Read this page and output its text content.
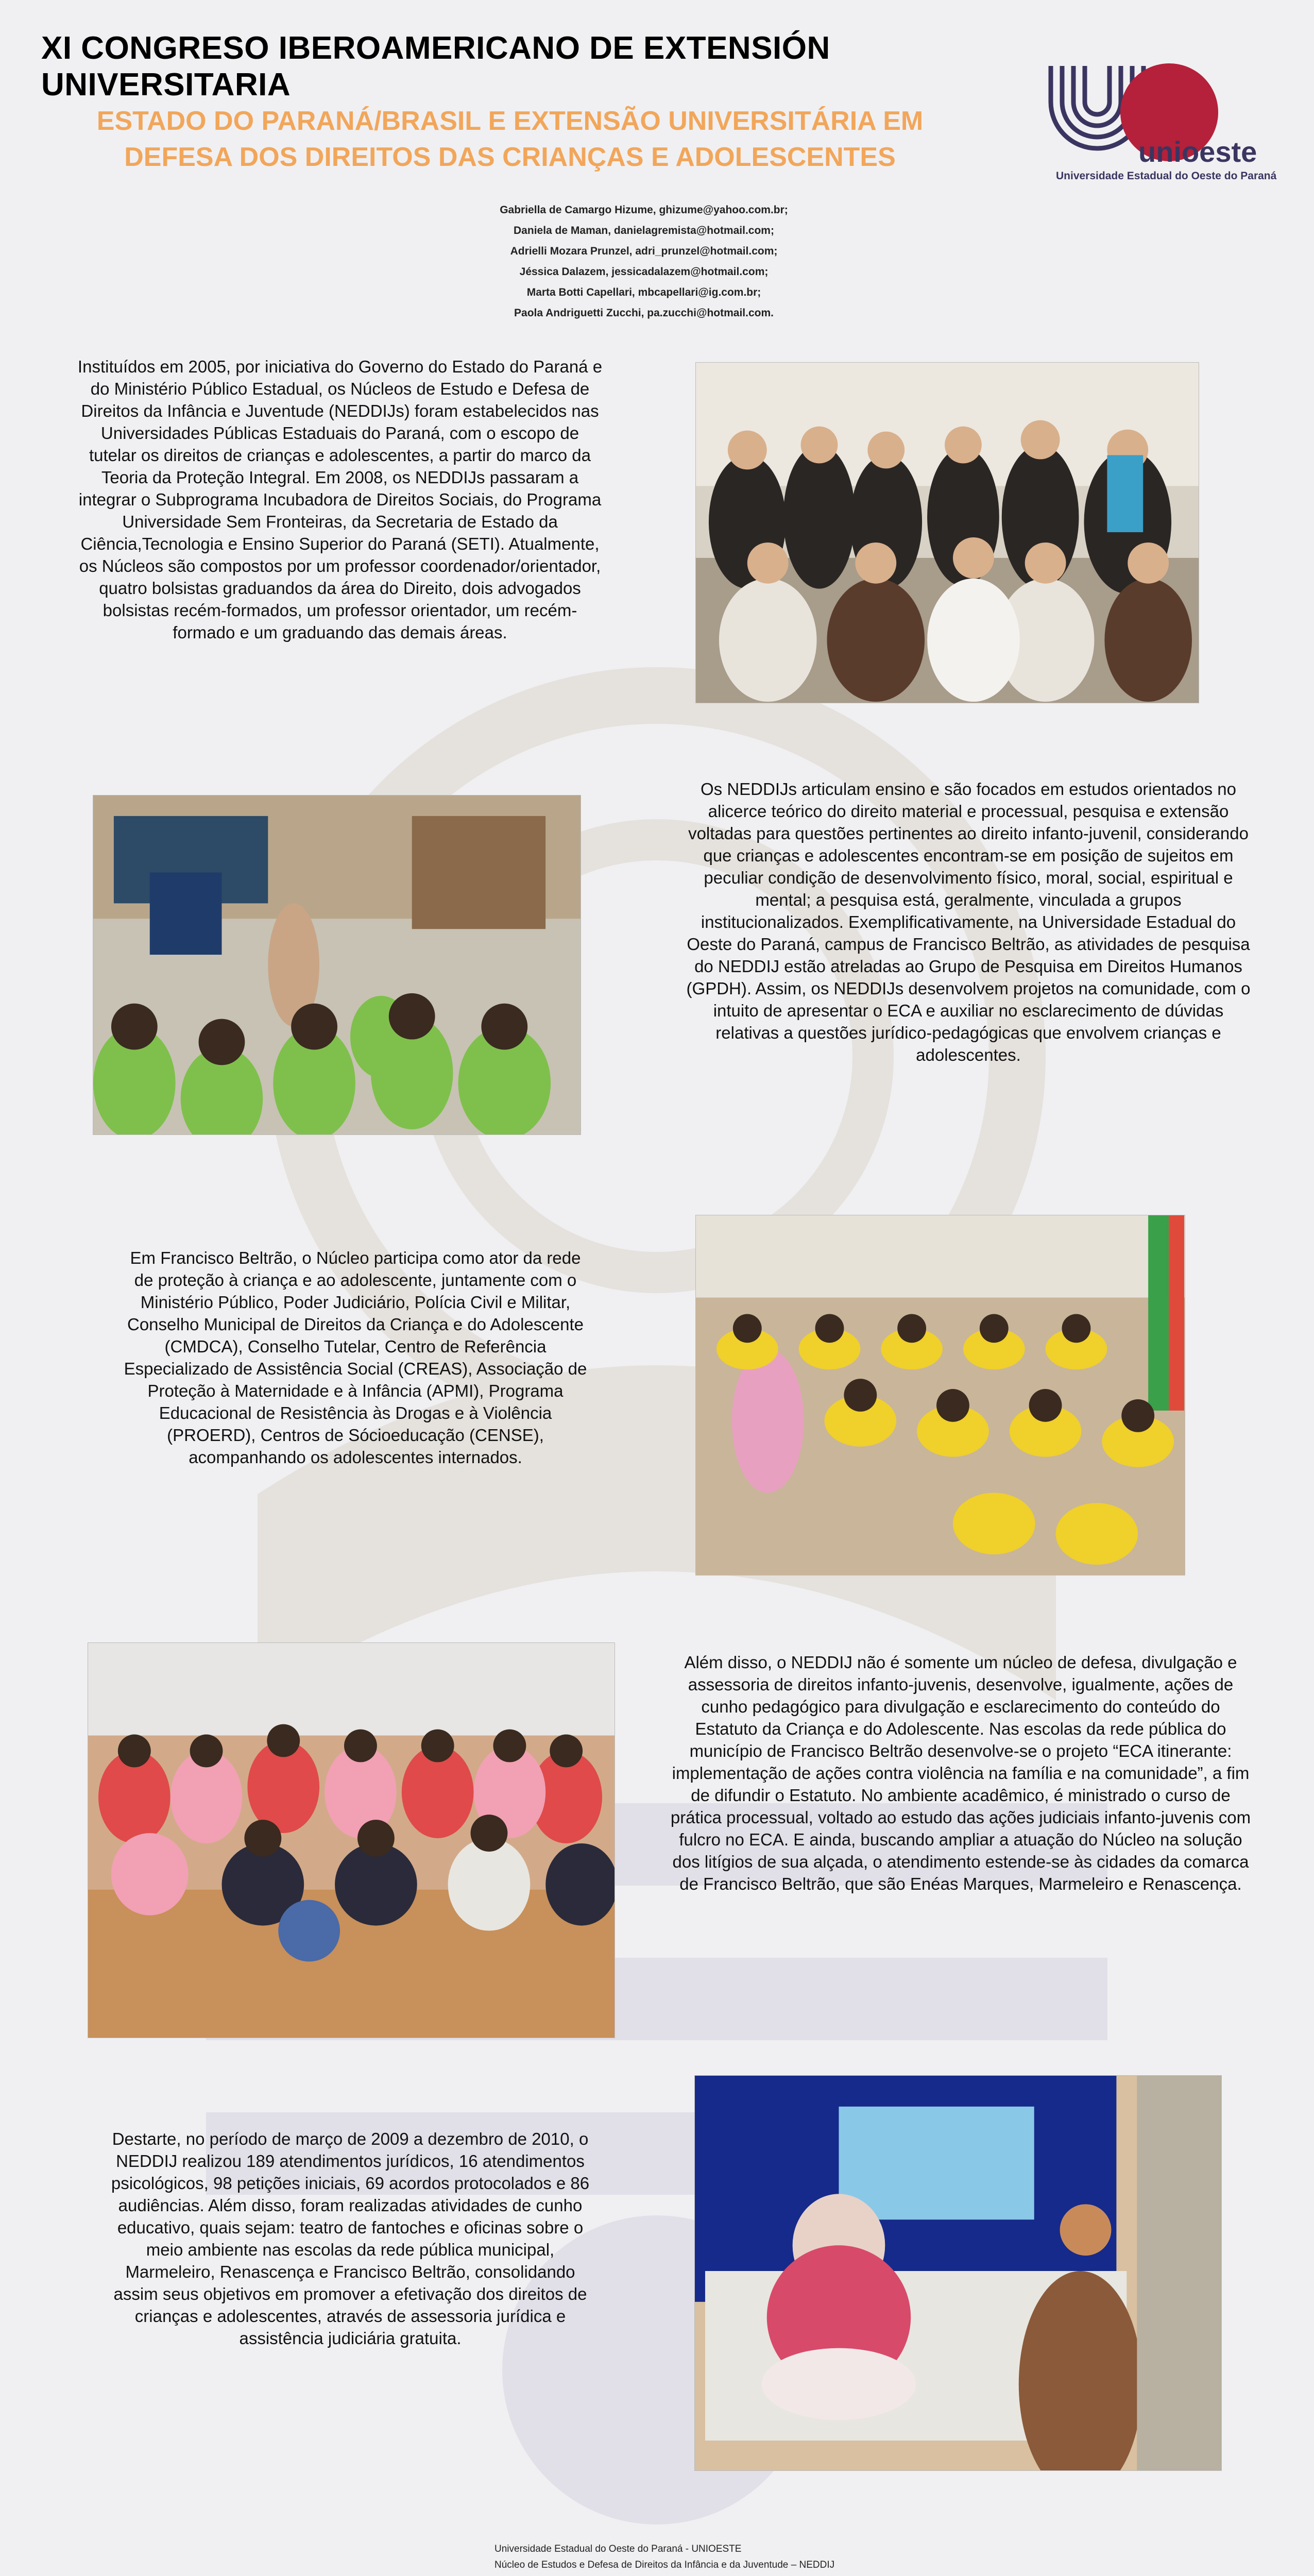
XI CONGRESO IBEROAMERICANO DE EXTENSIÓN UNIVERSITARIA
ESTADO DO PARANÁ/BRASIL E EXTENSÃO UNIVERSITÁRIA EM
DEFESA DOS DIREITOS DAS CRIANÇAS E ADOLESCENTES	unioeste
Universidade Estadual do Oeste do Paraná
Gabriella de Camargo Hizume, ghizume@yahoo.com.br;
Daniela de Maman, danielagremista@hotmail.com;
Adrielli Mozara Prunzel, adri_prunzel@hotmail.com;
Jéssica Dalazem, jessicadalazem@hotmail.com;
Marta Botti Capellari, mbcapellari@ig.com.br;
Paola Andriguetti Zucchi, pa.zucchi@hotmail.com.
Instituídos em 2005, por iniciativa do Governo do Estado do Paraná e do Ministério Público Estadual, os Núcleos de Estudo e Defesa de Direitos da Infância e Juventude (NEDDIJs) foram estabelecidos nas Universidades Públicas Estaduais do Paraná, com o escopo de tutelar os direitos de crianças e adolescentes, a partir do marco da Teoria da Proteção Integral. Em 2008, os NEDDIJs passaram a integrar o Subprograma Incubadora de Direitos Sociais, do Programa Universidade Sem Fronteiras, da Secretaria de Estado da Ciência,Tecnologia e Ensino Superior do Paraná (SETI). Atualmente, os Núcleos são compostos por um professor coordenador/orientador, quatro bolsistas graduandos da área do Direito, dois advogados bolsistas recém-formados, um professor orientador, um recém-formado e um graduando das demais áreas.
Os NEDDIJs articulam ensino e são focados em estudos orientados no alicerce teórico do direito material e processual, pesquisa e extensão voltadas para questões pertinentes ao direito infanto-juvenil, considerando que crianças e adolescentes encontram-se em posição de sujeitos em peculiar condição de desenvolvimento físico, moral, social, espiritual e mental; a pesquisa está, geralmente, vinculada a grupos institucionalizados. Exemplificativamente, na Universidade Estadual do Oeste do Paraná, campus de Francisco Beltrão, as atividades de pesquisa do NEDDIJ estão atreladas ao Grupo de Pesquisa em Direitos Humanos (GPDH). Assim, os NEDDIJs desenvolvem projetos na comunidade, com o intuito de apresentar o ECA e auxiliar no esclarecimento de dúvidas relativas a questões jurídico-pedagógicas que envolvem crianças e adolescentes.
Em Francisco Beltrão, o Núcleo participa como ator da rede de proteção à criança e ao adolescente, juntamente com o Ministério Público, Poder Judiciário, Polícia Civil e Militar, Conselho Municipal de Direitos da Criança e do Adolescente (CMDCA), Conselho Tutelar, Centro de Referência Especializado de Assistência Social (CREAS), Associação de Proteção à Maternidade e à Infância (APMI), Programa Educacional de Resistência às Drogas e à Violência (PROERD), Centros de Sócioeducação (CENSE), acompanhando os adolescentes internados.
Além disso, o NEDDIJ não é somente um núcleo de defesa, divulgação e assessoria de direitos infanto-juvenis, desenvolve, igualmente, ações de cunho pedagógico para divulgação e esclarecimento do conteúdo do Estatuto da Criança e do Adolescente. Nas escolas da rede pública do município de Francisco Beltrão desenvolve-se o projeto “ECA itinerante: implementação de ações contra violência na família e na comunidade”, a fim de difundir o Estatuto. No ambiente acadêmico, é ministrado o curso de prática processual, voltado ao estudo das ações judiciais infanto-juvenis com fulcro no ECA. E ainda, buscando ampliar a atuação do Núcleo na solução dos litígios de sua alçada, o atendimento estende-se às cidades da comarca de Francisco Beltrão, que são Enéas Marques, Marmeleiro e Renascença.
Destarte, no período de março de 2009 a dezembro de 2010, o NEDDIJ realizou 189 atendimentos jurídicos, 16 atendimentos psicológicos, 98 petições iniciais, 69 acordos protocolados e 86 audiências. Além disso, foram realizadas atividades de cunho educativo, quais sejam: teatro de fantoches e oficinas sobre o meio ambiente nas escolas da rede pública municipal, Marmeleiro, Renascença e Francisco Beltrão, consolidando assim seus objetivos em promover a efetivação dos direitos de crianças e adolescentes, através de assessoria jurídica e assistência judiciária gratuita.
Universidade Estadual do Oeste do Paraná - UNIOESTE
Núcleo de Estudos e Defesa de Direitos da Infância e da Juventude – NEDDIJ
